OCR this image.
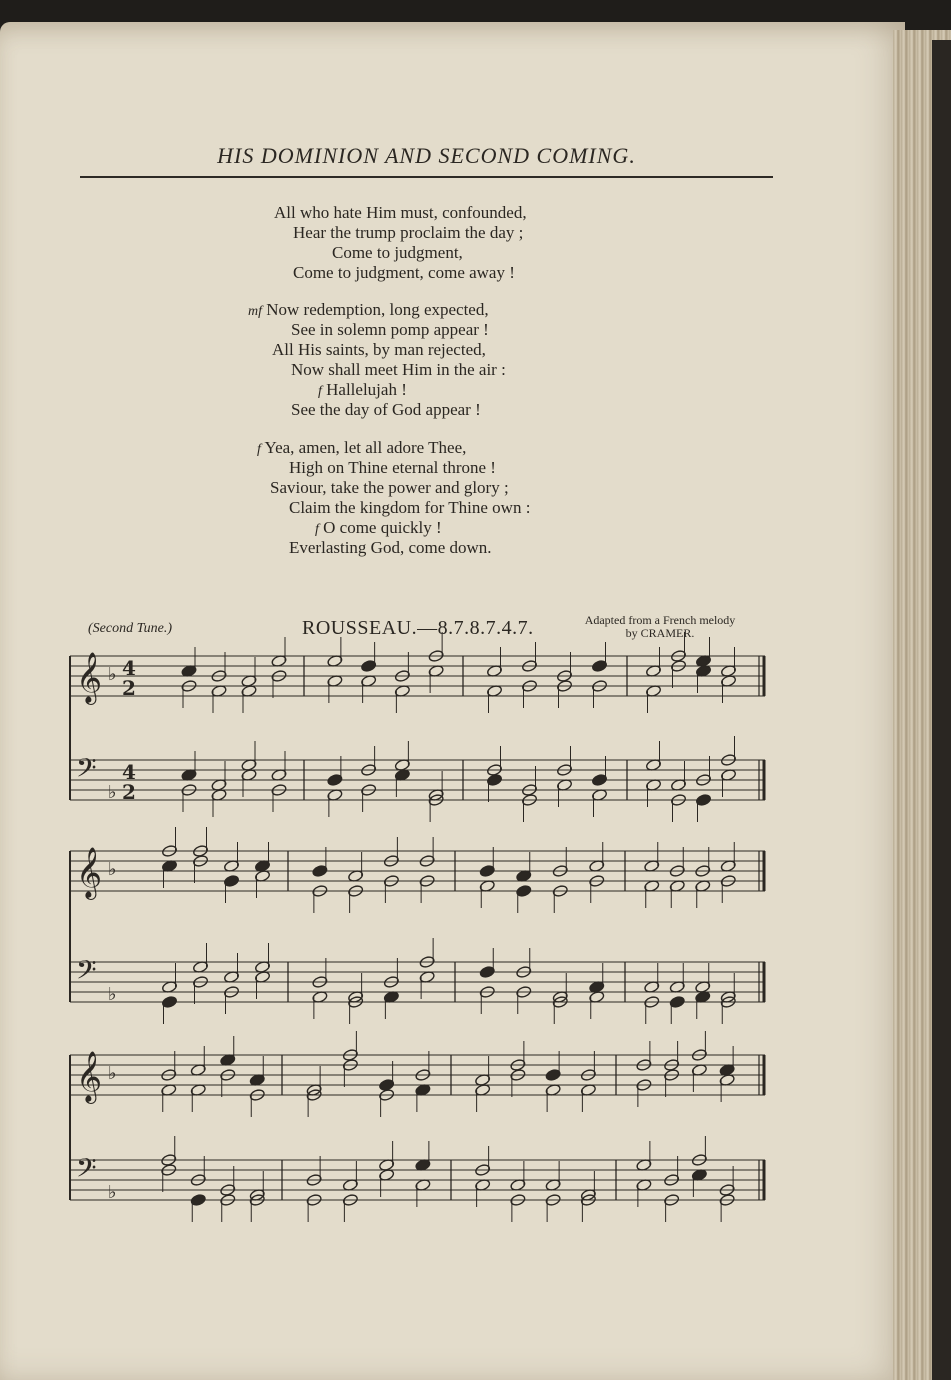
HIS DOMINION AND SECOND COMING.
All who hate Him must, confounded,
Hear the trump proclaim the day ;
Come to judgment,
Come to judgment, come away !
mf Now redemption, long expected,
See in solemn pomp appear !
All His saints, by man rejected,
Now shall meet Him in the air :
f Hallelujah !
See the day of God appear !
f Yea, amen, let all adore Thee,
High on Thine eternal throne !
Saviour, take the power and glory ;
Claim the kingdom for Thine own :
f O come quickly !
Everlasting God, come down.
(Second Tune.)	ROUSSEAU.—8.7.8.7.4.7.	Adapted from a French melody
by CRAMER.
𝄞 ♭ 4
2
𝄢
♭
4
2
𝄞 ♭
𝄢
♭
𝄞 ♭
𝄢
♭
